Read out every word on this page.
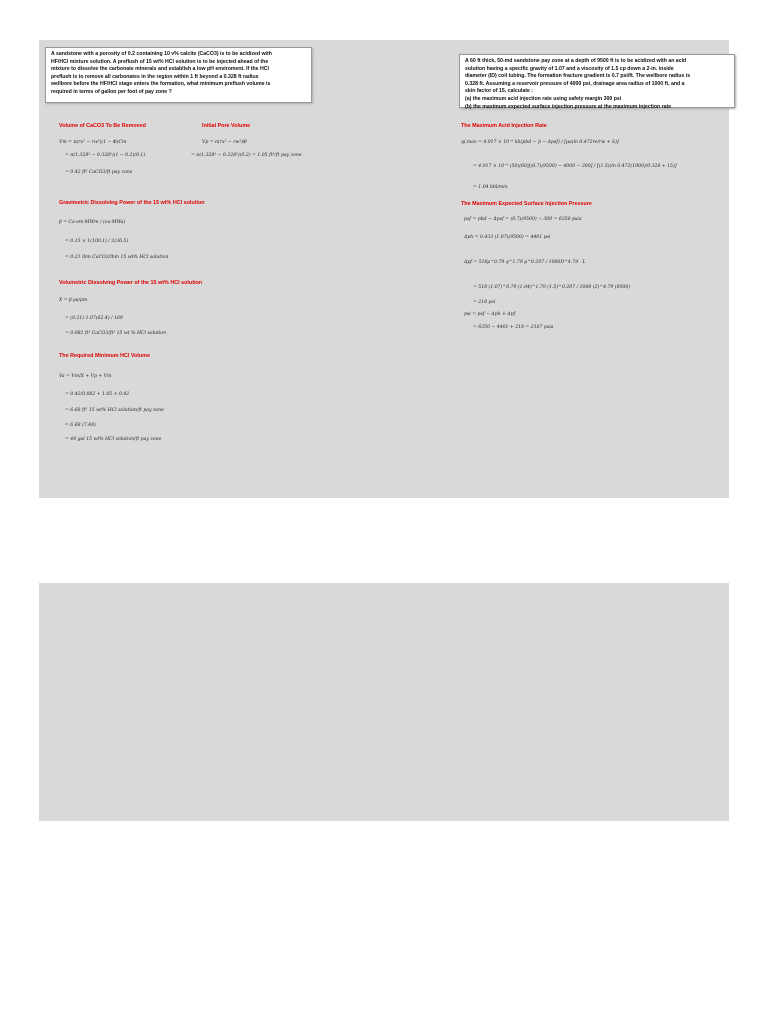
A sandstone with a porosity of 0.2 containing 10 v% calcite (CaCO3) is to be acidized with
HF/HCl mixture solution. A preflush of 15 wt% HCl solution is to be injected ahead of the
mixture to dissolve the carbonate minerals and establish a low pH enviroment. If the HCl
preflush is to remove all carbonates in the region within 1 ft beyond a 0.328 ft radius
wellbore before the HF/HCl stage enters the formation, what minimum preflush volume is
required in terms of gallon per foot of pay zone ?
A 60 ft thick, 50-md sandstone pay zone at a depth of 9500 ft is to be acidized with an acid
solution having a specific gravity of 1.07 and a viscosity of 1.5 cp down a 2-in. inside
diameter (ID) coil tubing. The formation fracture gradient is 0.7 psi/ft. The wellbore radius is
0.328 ft. Assuming a reservoir pressure of 4000 psi, drainage area radius of 1000 ft, and a
skin factor of 15, calculate :
(a) the maximum acid injection rate using safety margin 300 psi
(b) the maximum expected surface injection pressure at the maximum injection rate
Volume of CaCO3 To Be Removed
Vm = π(rx² − rw²)(1 − Φ)Cm
= π(1.328² − 0.328²)(1 − 0.2)(0.1)
= 0.42 ft³ CaCO3/ft pay zone
Initial Pore Volume
Vp = π(rx² − rw²)Φ
= π(1.328² − 0.328²)(0.2) = 1.05 ft³/ft pay zone
Gravimetric Dissolving Power of the 15 wt% HCl solution
β = Ca·νm·MWm / (νa·MWa)
= 0.15 × 1(100.1) / 2(36.5)
= 0.21 lbm CaCO3/lbm 15 wt% HCl solution
Volumetric Dissolving Power of the 15 wt% HCl solution
X = β ρa/ρm
= (0.21) 1.07(62.4) / 169
= 0.082 ft³ CaCO3/ft³ 15 wt % HCl solution
The Required Minimum HCl Volume
Va = Vm/X + Vp + Vm
= 0.42/0.082 + 1.05 + 0.42
= 6.68 ft³ 15 wt% HCl solution/ft pay zone
= 6.68 (7.48)
= 48 gal 15 wt% HCl solution/ft pay zone
The Maximum Acid Injection Rate
qi,max = 4.917 × 10⁻⁶ kh(pbd − p̄ − Δpsf) / [μa(ln 0.472re/rw + S)]
= 4.917 × 10⁻⁶ (50)(60)[(0.7)(9500) − 4000 − 300] / [(1.5)(ln 0.472(1000)/0.328 + 15)]
= 1.04 bbl/min
The Maximum Expected Surface Injection Pressure
psf = pbd − Δpsf = (0.7)(9500) − 300 = 6350 psia
Δph = 0.433 (1.07)(9500) = 4401 psi
Δpf = 518ρ^0.79 q^1.79 μ^0.207 / 1000D^4.79 · L
= 518 (1.07)^0.79 (1.04)^1.79 (1.5)^0.207 / 1000 (2)^4.79 (9500)
= 218 psi
psi = psf − Δph + Δpf
= 6350 − 4401 + 218 = 2167 psia
